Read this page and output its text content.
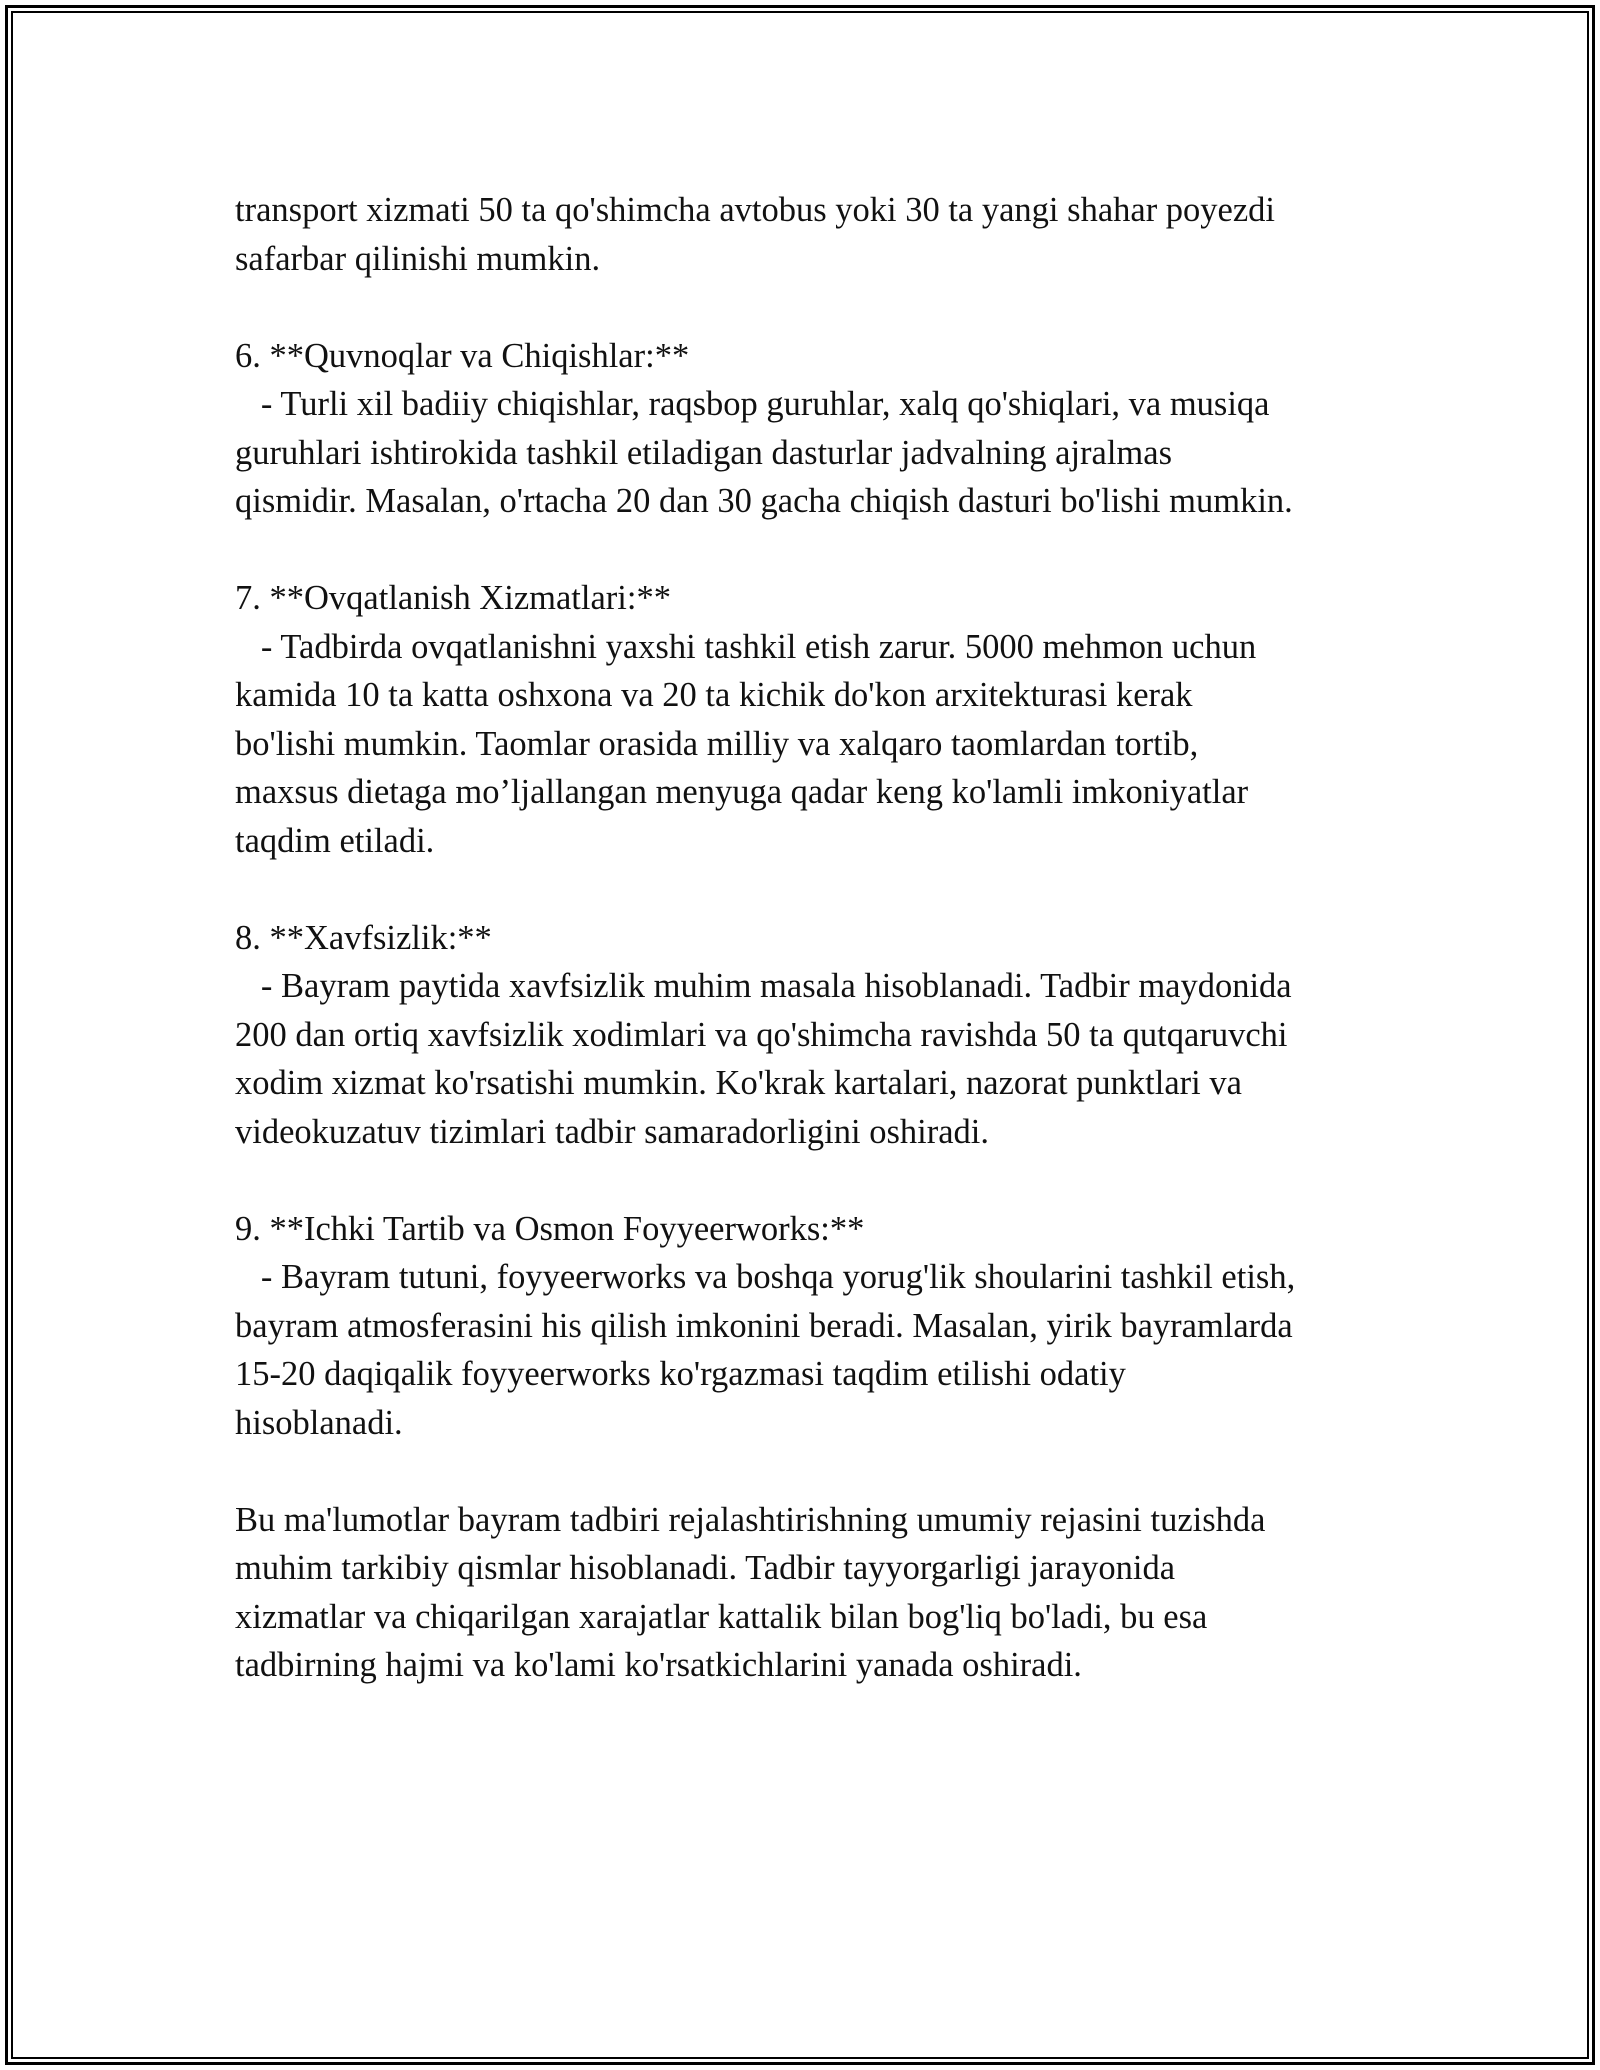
transport xizmati 50 ta qo'shimcha avtobus yoki 30 ta yangi shahar poyezdi
safarbar qilinishi mumkin.
6. **Quvnoqlar va Chiqishlar:**
- Turli xil badiiy chiqishlar, raqsbop guruhlar, xalq qo'shiqlari, va musiqa
guruhlari ishtirokida tashkil etiladigan dasturlar jadvalning ajralmas
qismidir. Masalan, o'rtacha 20 dan 30 gacha chiqish dasturi bo'lishi mumkin.
7. **Ovqatlanish Xizmatlari:**
- Tadbirda ovqatlanishni yaxshi tashkil etish zarur. 5000 mehmon uchun
kamida 10 ta katta oshxona va 20 ta kichik do'kon arxitekturasi kerak
bo'lishi mumkin. Taomlar orasida milliy va xalqaro taomlardan tortib,
maxsus dietaga mo’ljallangan menyuga qadar keng ko'lamli imkoniyatlar
taqdim etiladi.
8. **Xavfsizlik:**
- Bayram paytida xavfsizlik muhim masala hisoblanadi. Tadbir maydonida
200 dan ortiq xavfsizlik xodimlari va qo'shimcha ravishda 50 ta qutqaruvchi
xodim xizmat ko'rsatishi mumkin. Ko'krak kartalari, nazorat punktlari va
videokuzatuv tizimlari tadbir samaradorligini oshiradi.
9. **Ichki Tartib va Osmon Foyyeerworks:**
- Bayram tutuni, foyyeerworks va boshqa yorug'lik shoularini tashkil etish,
bayram atmosferasini his qilish imkonini beradi. Masalan, yirik bayramlarda
15-20 daqiqalik foyyeerworks ko'rgazmasi taqdim etilishi odatiy
hisoblanadi.
Bu ma'lumotlar bayram tadbiri rejalashtirishning umumiy rejasini tuzishda
muhim tarkibiy qismlar hisoblanadi. Tadbir tayyorgarligi jarayonida
xizmatlar va chiqarilgan xarajatlar kattalik bilan bog'liq bo'ladi, bu esa
tadbirning hajmi va ko'lami ko'rsatkichlarini yanada oshiradi.
